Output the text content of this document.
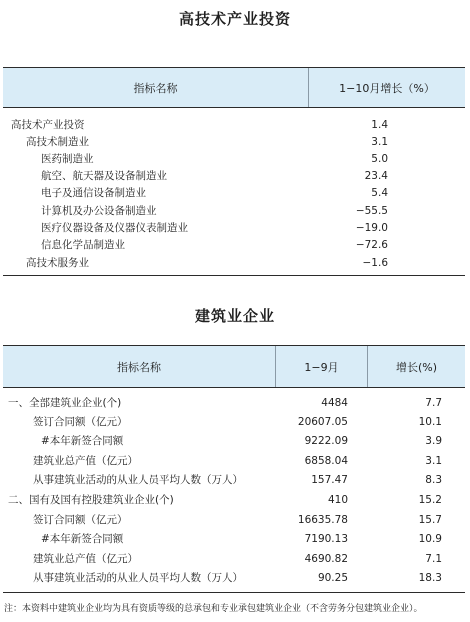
高技术产业投资
指标名称	1−10月增长（%）
高技术产业投资	1.4
高技术制造业	3.1
医药制造业	5.0
航空、航天器及设备制造业	23.4
电子及通信设备制造业	5.4
计算机及办公设备制造业	−55.5
医疗仪器设备及仪器仪表制造业	−19.0
信息化学品制造业	−72.6
高技术服务业	−1.6
建筑业企业
指标名称	1−9月	增长(%)
一、全部建筑业企业(个)	4484	7.7
签订合同额（亿元）	20607.05	10.1
#本年新签合同额	9222.09	3.9
建筑业总产值（亿元）	6858.04	3.1
从事建筑业活动的从业人员平均人数（万人）	157.47	8.3
二、国有及国有控股建筑业企业(个)	410	15.2
签订合同额（亿元）	16635.78	15.7
#本年新签合同额	7190.13	10.9
建筑业总产值（亿元）	4690.82	7.1
从事建筑业活动的从业人员平均人数（万人）	90.25	18.3
注：本资料中建筑业企业均为具有资质等级的总承包和专业承包建筑业企业（不含劳务分包建筑业企业）。
